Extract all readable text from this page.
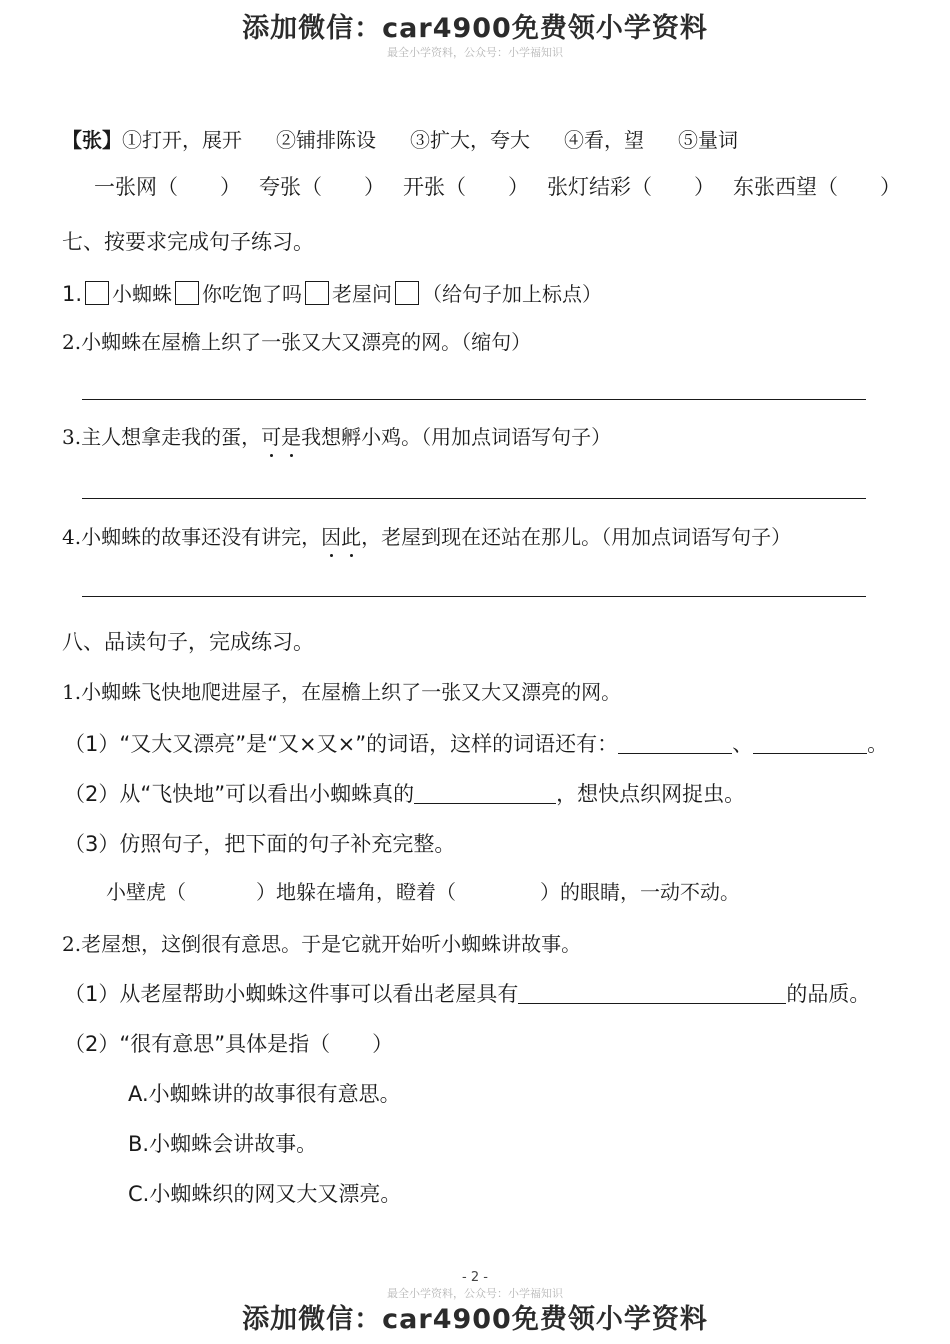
添加微信：car4900免费领小学资料
最全小学资料，公众号：小学福知识
【张】①打开，展开 ②铺排陈设 ③扩大，夸大 ④看，望 ⑤量词
一张网（　　） 夸张（　　） 开张（　　） 张灯结彩（　　） 东张西望（　　）
七、按要求完成句子练习。
1. 小蜘蛛 你吃饱了吗 老屋问 （给句子加上标点）
2.小蜘蛛在屋檐上织了一张又大又漂亮的网。（缩句）
3.主人想拿走我的蛋，可是我想孵小鸡。（用加点词语写句子）
4.小蜘蛛的故事还没有讲完，因此，老屋到现在还站在那儿。（用加点词语写句子）
八、品读句子，完成练习。
1.小蜘蛛飞快地爬进屋子，在屋檐上织了一张又大又漂亮的网。
（1）“又大又漂亮”是“又×又×”的词语，这样的词语还有：	、	。
（2）从“飞快地”可以看出小蜘蛛真的	，想快点织网捉虫。
（3）仿照句子，把下面的句子补充完整。
小壁虎（	）地躲在墙角，瞪着（	）的眼睛，一动不动。
2.老屋想，这倒很有意思。于是它就开始听小蜘蛛讲故事。
（1）从老屋帮助小蜘蛛这件事可以看出老屋具有	的品质。
（2）“很有意思”具体是指（　　）
A.小蜘蛛讲的故事很有意思。
B.小蜘蛛会讲故事。
C.小蜘蛛织的网又大又漂亮。
- 2 -
最全小学资料，公众号：小学福知识
添加微信：car4900免费领小学资料
